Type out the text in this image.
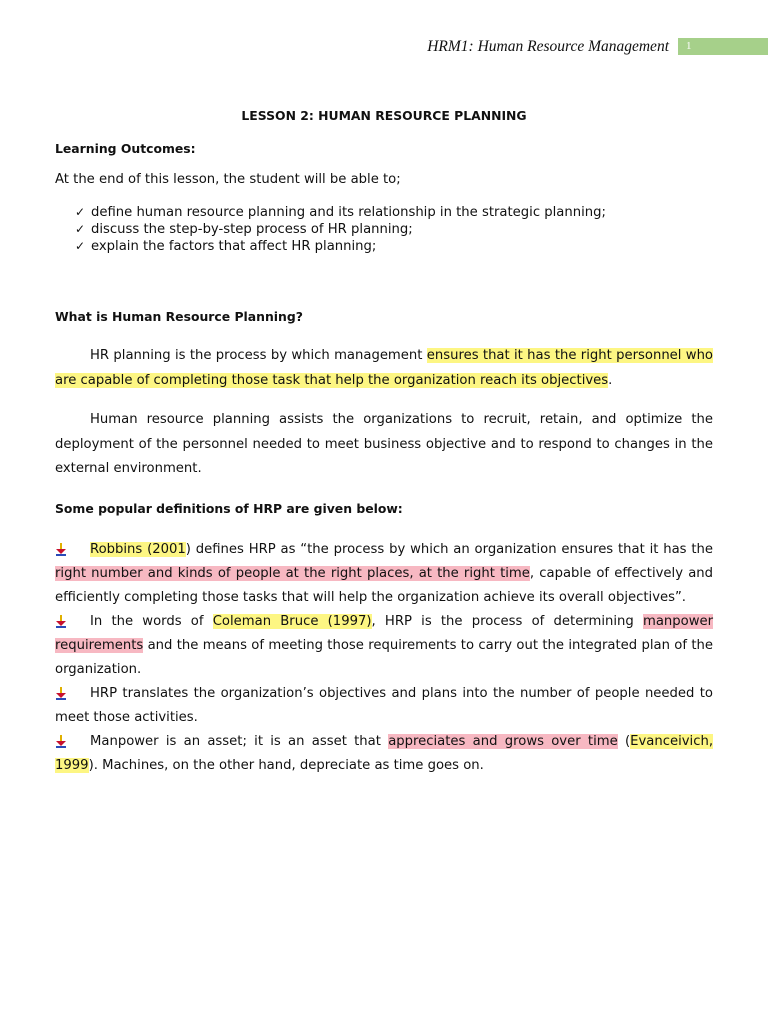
HRM1: Human Resource Management	1
LESSON 2: HUMAN RESOURCE PLANNING
Learning Outcomes:
At the end of this lesson, the student will be able to;
✓ define human resource planning and its relationship in the strategic planning;
✓ discuss the step-by-step process of HR planning;
✓ explain the factors that affect HR planning;
What is Human Resource Planning?

HR planning is the process by which management ensures that it has the right personnel who are capable of completing those task that help the organization reach its objectives.

Human resource planning assists the organizations to recruit, retain, and optimize the deployment of the personnel needed to meet business objective and to respond to changes in the external environment.

Some popular definitions of HRP are given below:

Robbins (2001) defines HRP as “the process by which an organization ensures that it has the right number and kinds of people at the right places, at the right time, capable of effectively and efficiently completing those tasks that will help the organization achieve its overall objectives”.

In the words of Coleman Bruce (1997), HRP is the process of determining manpower requirements and the means of meeting those requirements to carry out the integrated plan of the organization.

HRP translates the organization’s objectives and plans into the number of people needed to meet those activities.

Manpower is an asset; it is an asset that appreciates and grows over time (Evanceivich, 1999). Machines, on the other hand, depreciate as time goes on.
